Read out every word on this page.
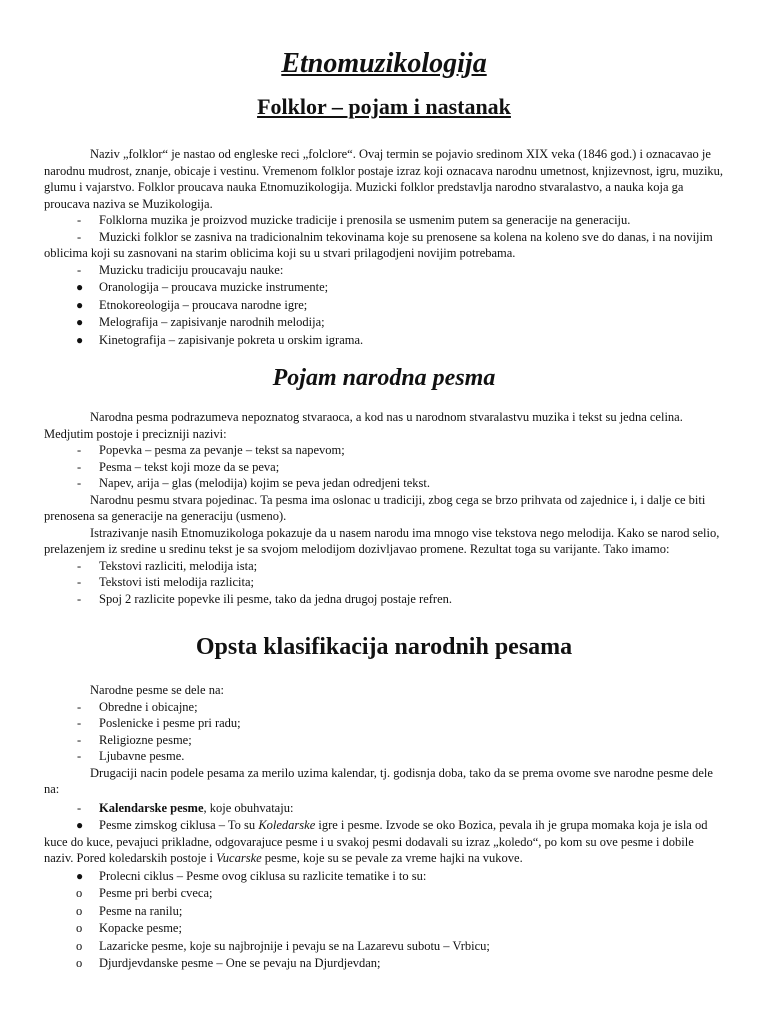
Etnomuzikologija
Folklor – pojam i nastanak

Naziv „folklor“ je nastao od engleske reci „folclore“. Ovaj termin se pojavio sredinom XIX veka (1846 god.) i oznacavao je narodnu mudrost, znanje, obicaje i vestinu. Vremenom folklor postaje izraz koji oznacava narodnu umetnost, knjizevnost, igru, muziku, glumu i vajarstvo. Folklor proucava nauka Etnomuzikologija. Muzicki folklor predstavlja narodno stvaralastvo, a nauka koja ga proucava naziva se Muzikologija.

- Folklorna muzika je proizvod muzicke tradicije i prenosila se usmenim putem sa generacije na generaciju.
- Muzicki folklor se zasniva na tradicionalnim tekovinama koje su prenosene sa kolena na koleno sve do danas, i na novijim oblicima koji su zasnovani na starim oblicima koji su u stvari prilagodjeni novijim potrebama.
- Muzicku tradiciju proucavaju nauke:
● Oranologija – proucava muzicke instrumente;
● Etnokoreologija – proucava narodne igre;
● Melografija – zapisivanje narodnih melodija;
● Kinetografija – zapisivanje pokreta u orskim igrama.
Pojam narodna pesma

Narodna pesma podrazumeva nepoznatog stvaraoca, a kod nas u narodnom stvaralastvu muzika i tekst su jedna celina. Medjutim postoje i precizniji nazivi:

- Popevka – pesma za pevanje – tekst sa napevom;
- Pesma – tekst koji moze da se peva;
- Napev, arija – glas (melodija) kojim se peva jedan odredjeni tekst.

Narodnu pesmu stvara pojedinac. Ta pesma ima oslonac u tradiciji, zbog cega se brzo prihvata od zajednice i, i dalje ce biti prenosena sa generacije na generaciju (usmeno).

Istrazivanje nasih Etnomuzikologa pokazuje da u nasem narodu ima mnogo vise tekstova nego melodija. Kako se narod selio, prelazenjem iz sredine u sredinu tekst je sa svojom melodijom dozivljavao promene. Rezultat toga su varijante. Tako imamo:

- Tekstovi razliciti, melodija ista;
- Tekstovi isti melodija razlicita;
- Spoj 2 razlicite popevke ili pesme, tako da jedna drugoj postaje refren.
Opsta klasifikacija narodnih pesama

Narodne pesme se dele na:

- Obredne i obicajne;
- Poslenicke i pesme pri radu;
- Religiozne pesme;
- Ljubavne pesme.

Drugaciji nacin podele pesama za merilo uzima kalendar, tj. godisnja doba, tako da se prema ovome sve narodne pesme dele na:

- Kalendarske pesme, koje obuhvataju:
● Pesme zimskog ciklusa – To su Koledarske igre i pesme. Izvode se oko Bozica, pevala ih je grupa momaka koja je isla od kuce do kuce, pevajuci prikladne, odgovarajuce pesme i u svakoj pesmi dodavali su izraz „koledo“, po kom su ove pesme i dobile naziv. Pored koledarskih postoje i Vucarske pesme, koje su se pevale za vreme hajki na vukove.
● Prolecni ciklus – Pesme ovog ciklusa su razlicite tematike i to su:
o Pesme pri berbi cveca;
o Pesme na ranilu;
o Kopacke pesme;
o Lazaricke pesme, koje su najbrojnije i pevaju se na Lazarevu subotu – Vrbicu;
o Djurdjevdanske pesme – One se pevaju na Djurdjevdan;
